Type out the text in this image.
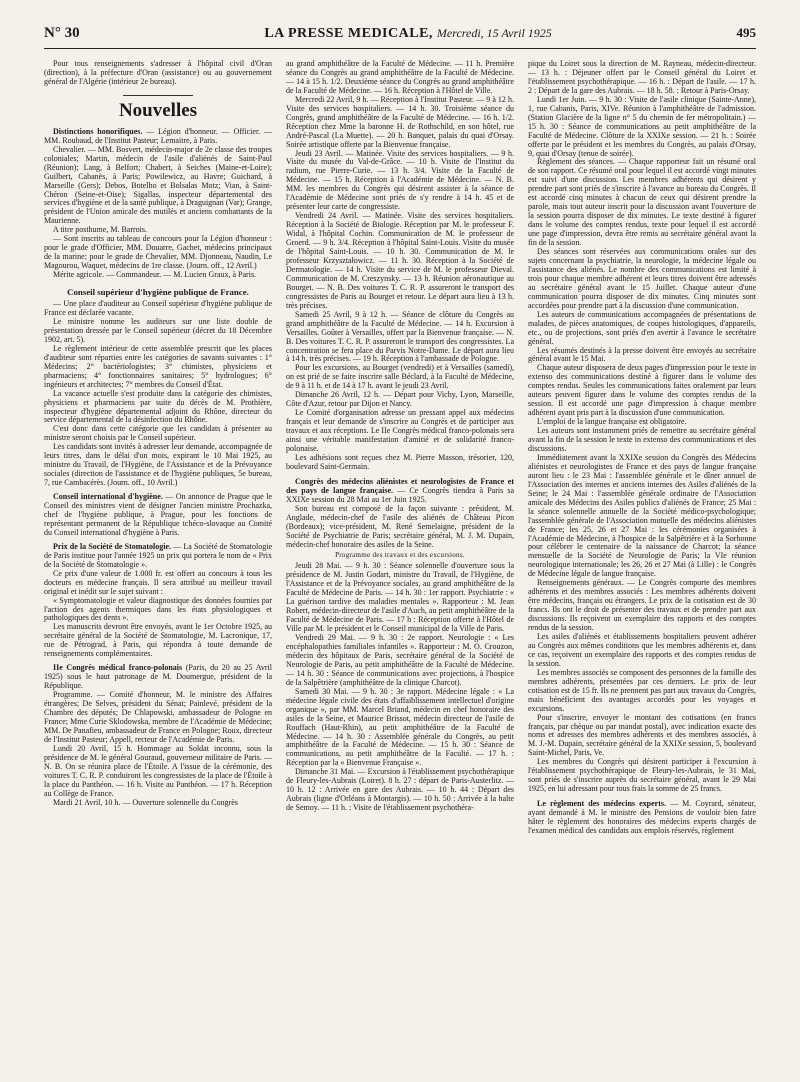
N° 30	LA PRESSE MEDICALE, Mercredi, 15 Avril 1925	495

Pour tous renseignements s'adresser à l'hôpital civil d'Oran (direction), à la préfecture d'Oran (assistance) ou au gouvernement général de l'Algérie (intérieur 2e bureau).

Nouvelles

Distinctions honorifiques. — Légion d'honneur. — Officier. — MM. Roubaud, de l'Institut Pasteur; Lemaitre, à Paris.

Chevalier. — MM. Bosvert, médecin-major de 2e classe des troupes coloniales; Martin, médecin de l'asile d'aliénés de Saint-Paul (Réunion); Lang, à Belfort; Chabert, à Seiches (Maine-et-Loire); Guilbert, Cabanès, à Paris; Powilewicz, au Havre; Guichard, à Marseille (Gers); Debos, Botelho et Bolsalas Motz; Vian, à Saint-Chéron (Seine-et-Oise); Sigallas, inspecteur départemental des services d'hygiène et de la santé publique, à Draguignan (Var); Grange, président de l'Union amicale des mutilés et anciens combattants de la Maurienne.

A titre posthume, M. Barrois.

— Sont inscrits au tableau de concours pour la Légion d'honneur : pour le grade d'Officier, MM. Douarre, Gachet, médecins principaux de la marine; pour le grade de Chevalier, MM. Djonneau, Naudin, Le Magourou, Waquet, médecins de 1re classe. (Journ. off., 12 Avril.)

Mérite agricole. — Commandeur. — M. Lucien Graux, à Paris.

Conseil supérieur d'hygiène publique de France.

— Une place d'auditeur au Conseil supérieur d'hygiène publique de France est déclarée vacante.

Le ministre nomme les auditeurs sur une liste double de présentation dressée par le Conseil supérieur (décret du 18 Décembre 1902, art. 5).

Le règlement intérieur de cette assemblée prescrit que les places d'auditeur sont réparties entre les catégories de savants suivantes : 1° Médecins; 2° bactériologistes; 3° chimistes, physiciens et pharmaciens; 4° fonctionnaires sanitaires; 5° hydrologues; 6° ingénieurs et architectes; 7° membres du Conseil d'État.

La vacance actuelle s'est produite dans la catégorie des chimistes, physiciens et pharmaciens par suite du décès de M. Prothière, inspecteur d'hygiène départemental adjoint du Rhône, directeur du service départemental de la désinfection du Rhône.

C'est donc dans cette catégorie que les candidats à présenter au ministre seront choisis par le Conseil supérieur.

Les candidats sont invités à adresser leur demande, accompagnée de leurs titres, dans le délai d'un mois, expirant le 10 Mai 1925, au ministre du Travail, de l'Hygiène, de l'Assistance et de la Prévoyance sociales (direction de l'assistance et de l'hygiène publiques, 5e bureau, 7, rue Cambacérès. (Journ. off., 10 Avril.)

Conseil international d'hygiène. — On annonce de Prague que le Conseil des ministres vient de désigner l'ancien ministre Prochazka, chef de l'hygiène publique, à Prague, pour les fonctions de représentant permanent de la République tchéco-slovaque au Comité du Conseil international d'hygiène à Paris.

Prix de la Société de Stomatologie. — La Société de Stomatologie de Paris institue pour l'année 1925 un prix qui portera le nom de « Prix de la Société de Stomatologie ».

Ce prix d'une valeur de 1.000 fr. est offert au concours à tous les docteurs en médecine français. Il sera attribué au meilleur travail original et inédit sur le sujet suivant :

« Symptomatologie et valeur diagnostique des données fournies par l'action des agents thermiques dans les états physiologiques et pathologiques des dents ».

Les manuscrits devront être envoyés, avant le 1er Octobre 1925, au secrétaire général de la Société de Stomatologie, M. Lacronique, 17, rue de Pétrograd, à Paris, qui répondra à toute demande de renseignements complémentaires.

IIe Congrès médical franco-polonais (Paris, du 20 au 25 Avril 1925) sous le haut patronage de M. Doumergue, président de la République.

Programme. — Comité d'honneur, M. le ministre des Affaires étrangères; De Selves, président du Sénat; Painlevé, président de la Chambre des députés; De Chlapowski, ambassadeur de Pologne en France; Mme Curie Sklodowska, membre de l'Académie de Médecine; MM. De Panafieu, ambassadeur de France en Pologne; Roux, directeur de l'Institut Pasteur; Appell, recteur de l'Académie de Paris.

Lundi 20 Avril, 15 h. Hommage au Soldat inconnu, sous la présidence de M. le général Gouraud, gouverneur militaire de Paris. — N. B. On se réunira place de l'Étoile. A l'issue de la cérémonie, des voitures T. C. R. P. conduiront les congressistes de la place de l'Étoile à la place du Panthéon. — 16 h. Visite au Panthéon. — 17 h. Réception au Collège de France.

Mardi 21 Avril, 10 h. — Ouverture solennelle du Congrès

au grand amphithéâtre de la Faculté de Médecine. — 11 h. Première séance du Congrès au grand amphithéâtre de la Faculté de Médecine. — 14 à 15 h. 1/2. Deuxième séance du Congrès au grand amphithéâtre de la Faculté de Médecine. — 16 h. Réception à l'Hôtel de Ville.

Mercredi 22 Avril, 9 h. — Réception à l'Institut Pasteur. — 9 à 12 h. Visite des services hospitaliers. — 14 h. 30. Troisième séance du Congrès, grand amphithéâtre de la Faculté de Médecine. — 16 h. 1/2. Réception chez Mme la baronne H. de Rothschild, en son hôtel, rue André-Pascal (La Muette). — 20 h. Banquet, palais du quai d'Orsay. Soirée artistique offerte par la Bienvenue française.

Jeudi 23 Avril. — Matinée. Visite des services hospitaliers. — 9 h. Visite du musée du Val-de-Grâce. — 10 h. Visite de l'Institut du radium, rue Pierre-Curie. — 13 h. 3/4. Visite de la Faculté de Médecine. — 15 h. Réception à l'Académie de Médecine. — N. B. MM. les membres du Congrès qui désirent assister à la séance de l'Académie de Médecine sont priés de s'y rendre à 14 h. 45 et de présenter leur carte de congressiste.

Vendredi 24 Avril. — Matinée. Visite des services hospitaliers. Réception à la Société de Biologie. Réception par M. le professeur F. Widal, à l'hôpital Cochin. Communication de M. le professeur de Groerd. — 9 h. 3/4. Réception à l'hôpital Saint-Louis. Visite du musée de l'hôpital Saint-Louis. — 10 h. 30. Communication de M. le professeur Krzyształowicz. — 11 h. 30. Réception à la Société de Dermatologie. — 14 h. Visite du service de M. le professeur Dieval. Communication de M. Creszynsky. — 13 h. Réunion aéronautique au Bourget. — N. B. Des voitures T. C. R. P. assureront le transport des congressistes de Paris au Bourget et retour. Le départ aura lieu à 13 h. très précises.

Samedi 25 Avril, 9 à 12 h. — Séance de clôture du Congrès au grand amphithéâtre de la Faculté de Médecine. — 14 h. Excursion à Versailles. Goûter à Versailles, offert par la Bienvenue française. — N. B. Des voitures T. C. R. P. assureront le transport des congressistes. La concentration se fera place du Parvis Notre-Dame. Le départ aura lieu à 14 h. très précises. — 19 h. Réception à l'ambassade de Pologne.

Pour les excursions, au Bourget (vendredi) et à Versailles (samedi), on est prié de se faire inscrire salle Béclard, à la Faculté de Médecine, de 9 à 11 h. et de 14 à 17 h. avant le jeudi 23 Avril.

Dimanche 26 Avril, 12 h. — Départ pour Vichy, Lyon, Marseille, Côte d'Azur, retour par Dijon et Nancy.

Le Comité d'organisation adresse un pressant appel aux médecins français et leur demande de s'inscrire au Congrès et de participer aux travaux et aux réceptions. Le IIe Congrès médical franco-polonais sera ainsi une véritable manifestation d'amitié et de solidarité franco-polonaise.

Les adhésions sont reçues chez M. Pierre Masson, trésorier, 120, boulevard Saint-Germain.

Congrès des médecins aliénistes et neurologistes de France et des pays de langue française. — Ce Congrès tiendra à Paris sa XXIXe session du 28 Mai au 1er Juin 1925.

Son bureau est composé de la façon suivante : président, M. Anglade, médecin-chef de l'asile des aliénés de Château Picon (Bordeaux); vice-président, M. René Semelaigne, président de la Société de Psychiatrie de Paris; secrétaire général, M. J. M. Dupain, médecin-chef honoraire des asiles de la Seine.

Programme des travaux et des excursions.

Jeudi 28 Mai. — 9 h. 30 : Séance solennelle d'ouverture sous la présidence de M. Justin Godart, ministre du Travail, de l'Hygiène, de l'Assistance et de la Prévoyance sociales, au grand amphithéâtre de la Faculté de Médecine de Paris. — 14 h. 30 : 1er rapport. Psychiatrie : « La guérison tardive des maladies mentales ». Rapporteur : M. Jean Robert, médecin-directeur de l'asile d'Auch, au petit amphithéâtre de la Faculté de Médecine de Paris. — 17 h : Réception offerte à l'Hôtel de Ville par M. le président et le Conseil municipal de la Ville de Paris.

Vendredi 29 Mai. — 9 h. 30 : 2e rapport. Neurologie : « Les encéphalopathies familiales infantiles ». Rapporteur : M. O. Crouzon, médecin des hôpitaux de Paris, secrétaire général de la Société de Neurologie de Paris, au petit amphithéâtre de la Faculté de Médecine. — 14 h. 30 : Séance de communications avec projections, à l'hospice de la Salpêtrière (amphithéâtre de la clinique Charcot).

Samedi 30 Mai. — 9 h. 30 : 3e rapport. Médecine légale : « La médecine légale civile des états d'affaiblissement intellectuel d'origine organique », par MM. Marcel Briand, médecin en chef honoraire des asiles de la Seine, et Maurice Brissot, médecin directeur de l'asile de Rouffach (Haut-Rhin), au petit amphithéâtre de la Faculté de Médecine. — 14 h. 30 : Assemblée générale du Congrès, au petit amphithéâtre de la Faculté de Médecine. — 15 h. 30 : Séance de communications, au petit amphithéâtre de la Faculté. — 17 h. : Réception par la « Bienvenue Française ».

Dimanche 31 Mai. — Excursion à l'établissement psychothérapique de Fleury-les-Aubrais (Loiret). 8 h. 27 : départ de Paris-Austerlitz. — 10 h. 12 : Arrivée en gare des Aubrais. — 10 h. 44 : Départ des Aubrais (ligne d'Orléans à Montargis). — 10 h. 50 : Arrivée à la halte de Semoy. — 11 h. : Visite de l'établissement psychothéra-

pique du Loiret sous la direction de M. Rayneau, médecin-directeur. — 13 h. : Déjeuner offert par le Conseil général du Loiret et l'établissement psychothérapique. — 16 h. : Départ de l'asile. — 17 h. 2 : Départ de la gare des Aubrais. — 18 h. 58. : Retour à Paris-Orsay.

Lundi 1er Juin. — 9 h. 30 : Visite de l'asile clinique (Sainte-Anne), 1, rue Cabanis, Paris, XIVe. Réunion à l'amphithéâtre de l'admission. (Station Glacière de la ligne n° 5 du chemin de fer métropolitain.) — 15 h. 30 : Séance de communications au petit amphithéâtre de la Faculté de Médecine. Clôture de la XXIXe session. — 21 h. : Soirée offerte par le président et les membres du Congrès, au palais d'Orsay, 9, quai d'Orsay (tenue de soirée).

Règlement des séances. — Chaque rapporteur fait un résumé oral de son rapport. Ce résumé oral pour lequel il est accordé vingt minutes est suivi d'une discussion. Les membres adhérents qui désirent y prendre part sont priés de s'inscrire à l'avance au bureau du Congrès. Il est accordé cinq minutes à chacun de ceux qui désirent prendre la parole, mais tout auteur inscrit pour la discussion avant l'ouverture de la session pourra disposer de dix minutes. Le texte destiné à figurer dans le volume des comptes rendus, texte pour lequel il est accordé une page d'impression, devra être remis au secrétaire général avant la fin de la session.

Des séances sont réservées aux communications orales sur des sujets concernant la psychiatrie, la neurologie, la médecine légale ou l'assistance des aliénés. Le nombre des communications est limité à trois pour chaque membre adhérent et leurs titres doivent être adressés au secrétaire général avant le 15 Juillet. Chaque auteur d'une communication pourra disposer de dix minutes. Cinq minutes sont accordées pour prendre part à la discussion d'une communication.

Les auteurs de communications accompagnées de présentations de malades, de pièces anatomiques, de coupes histologiques, d'appareils, etc., ou de projections, sont priés d'en avertir à l'avance le secrétaire général.

Les résumés destinés à la presse doivent être envoyés au secrétaire général avant le 15 Mai.

Chaque auteur disposera de deux pages d'impression pour le texte in extenso des communications destiné à figurer dans le volume des comptes rendus. Seules les communications faites oralement par leurs auteurs peuvent figurer dans le volume des comptes rendus de la session. Il est accordé une page d'impression à chaque membre adhérent ayant pris part à la discussion d'une communication.

L'emploi de la langue française est obligatoire.

Les auteurs sont instamment priés de remettre au secrétaire général avant la fin de la session le texte in extenso des communications et des discussions.

Immédiatement avant la XXIXe session du Congrès des Médecins aliénistes et neurologistes de France et des pays de langue française auront lieu : le 23 Mai : l'assemblée générale et le dîner annuel de l'Association des internes et anciens internes des Asiles d'aliénés de la Seine; le 24 Mai : l'assemblée générale ordinaire de l'Association amicale des Médecins des Asiles publics d'aliénés de France; 25 Mai : la séance solennelle annuelle de la Société médico-psychologique; l'assemblée générale de l'Association mutuelle des médecins aliénistes de France; les 25, 26 et 27 Mai : les cérémonies organisées à l'Académie de Médecine, à l'hospice de la Salpêtrière et à la Sorbonne pour célébrer le centenaire de la naissance de Charcot; la séance mensuelle de la Société de Neurologie de Paris; la VIe réunion neurologique internationale; les 26, 26 et 27 Mai (à Lille) : le Congrès de Médecine légale de langue française.

Renseignements généraux. — Le Congrès comporte des membres adhérents et des membres associés : Les membres adhérents doivent être médecins, français ou étrangers. Le prix de la cotisation est de 30 francs. Ils ont le droit de présenter des travaux et de prendre part aux discussions. Ils reçoivent un exemplaire des rapports et des comptes rendus de la session.

Les asiles d'aliénés et établissements hospitaliers peuvent adhérer au Congrès aux mêmes conditions que les membres adhérents et, dans ce cas, reçoivent un exemplaire des rapports et des comptes rendus de la session.

Les membres associés se composent des personnes de la famille des membres adhérents, présentées par ces derniers. Le prix de leur cotisation est de 15 fr. Ils ne prennent pas part aux travaux du Congrès, mais bénéficient des avantages accordés pour les voyages et excursions.

Pour s'inscrire, envoyer le montant des cotisations (en francs français, par chèque ou par mandat postal), avec indication exacte des noms et adresses des membres adhérents et des membres associés, à M. J.-M. Dupain, secrétaire général de la XXIXe session, 5, boulevard Saint-Michel, Paris, Ve.

Les membres du Congrès qui désirent participer à l'excursion à l'établissement psychothérapique de Fleury-les-Aubrais, le 31 Mai, sont priés de s'inscrire auprès du secrétaire général, avant le 29 Mai 1925, en lui adressant pour tous frais la somme de 25 francs.

Le règlement des médecins experts. — M. Coyrard, sénateur, ayant demandé à M. le ministre des Pensions de vouloir bien faire hâter le règlement des honoraires des médecins experts chargés de l'examen médical des candidats aux emplois réservés, règlement
